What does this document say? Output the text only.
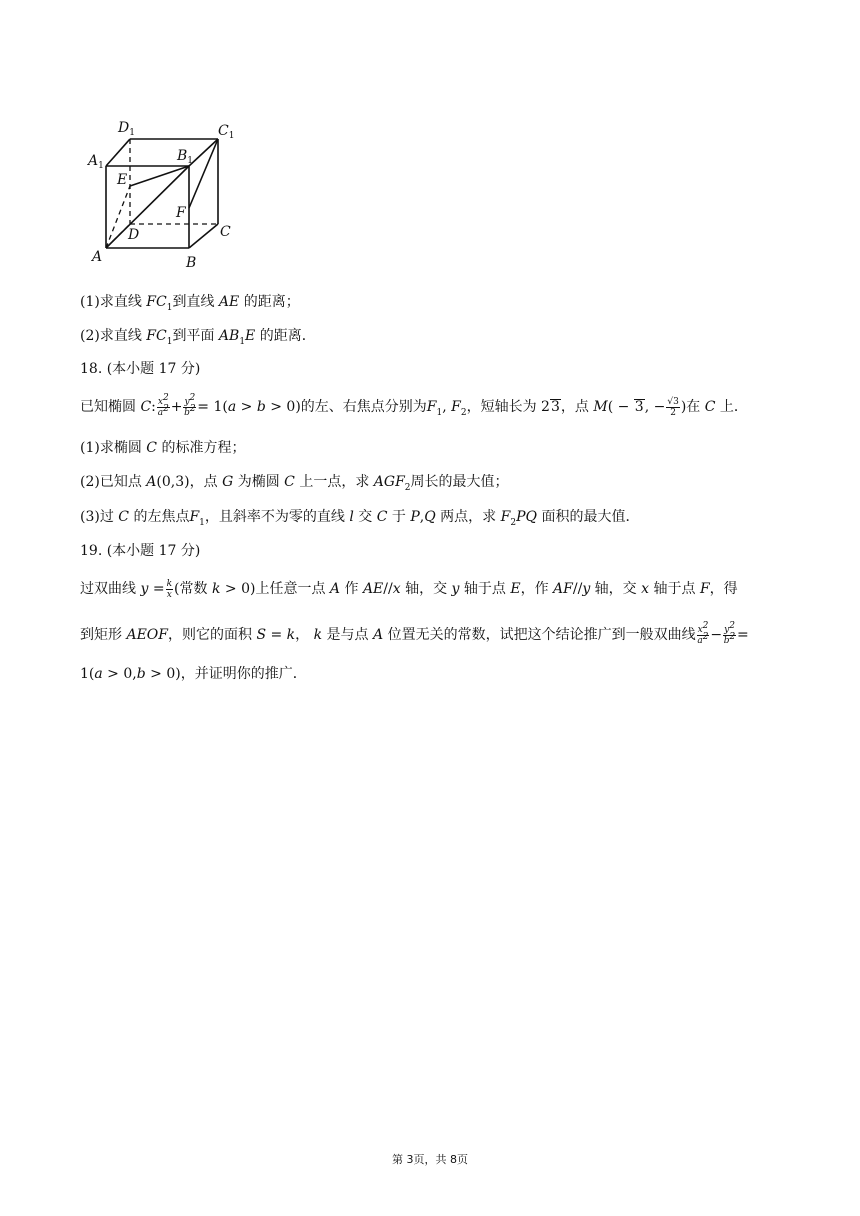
$D_1$	$C_1$
$A_1$
$B_1$
E
F
D	C
A	B
(1)求直线 $FC_1$到直线 AE 的距离；
(2)求直线 $FC_1$到平面 $AB_1E$ 的距离．
18. (本小题 17 分)
已知椭圆 C: $\frac{x^2}{a^2} + \frac{y^2}{b^2} = 1(a > b > 0)$的左、右焦点分别为$F_1$, $F_2$，短轴长为 23，点 M( − 3, − $\frac{√3}{2}$ )在 C 上．
(1)求椭圆 C 的标准方程；
(2)已知点 A(0,3)，点 G 为椭圆 C 上一点，求 $AGF_2$周长的最大值；
(3)过 C 的左焦点$F_1$，且斜率不为零的直线 l 交 C 于 P,Q 两点，求 $F_2PQ$ 面积的最大值．
19. (本小题 17 分)
过双曲线 $y = \frac{k}{x}$ (常数 k > 0)上任意一点 A 作 AE//x 轴，交 y 轴于点 E，作 AF//y 轴，交 x 轴于点 F，得
到矩形 AEOF，则它的面积 S = k， k 是与点 A 位置无关的常数，试把这个结论推广到一般双曲线 $\frac{x^2}{a^2} - \frac{y^2}{b^2}$ =
1(a > 0,b > 0)，并证明你的推广．
第 3页，共 8页
